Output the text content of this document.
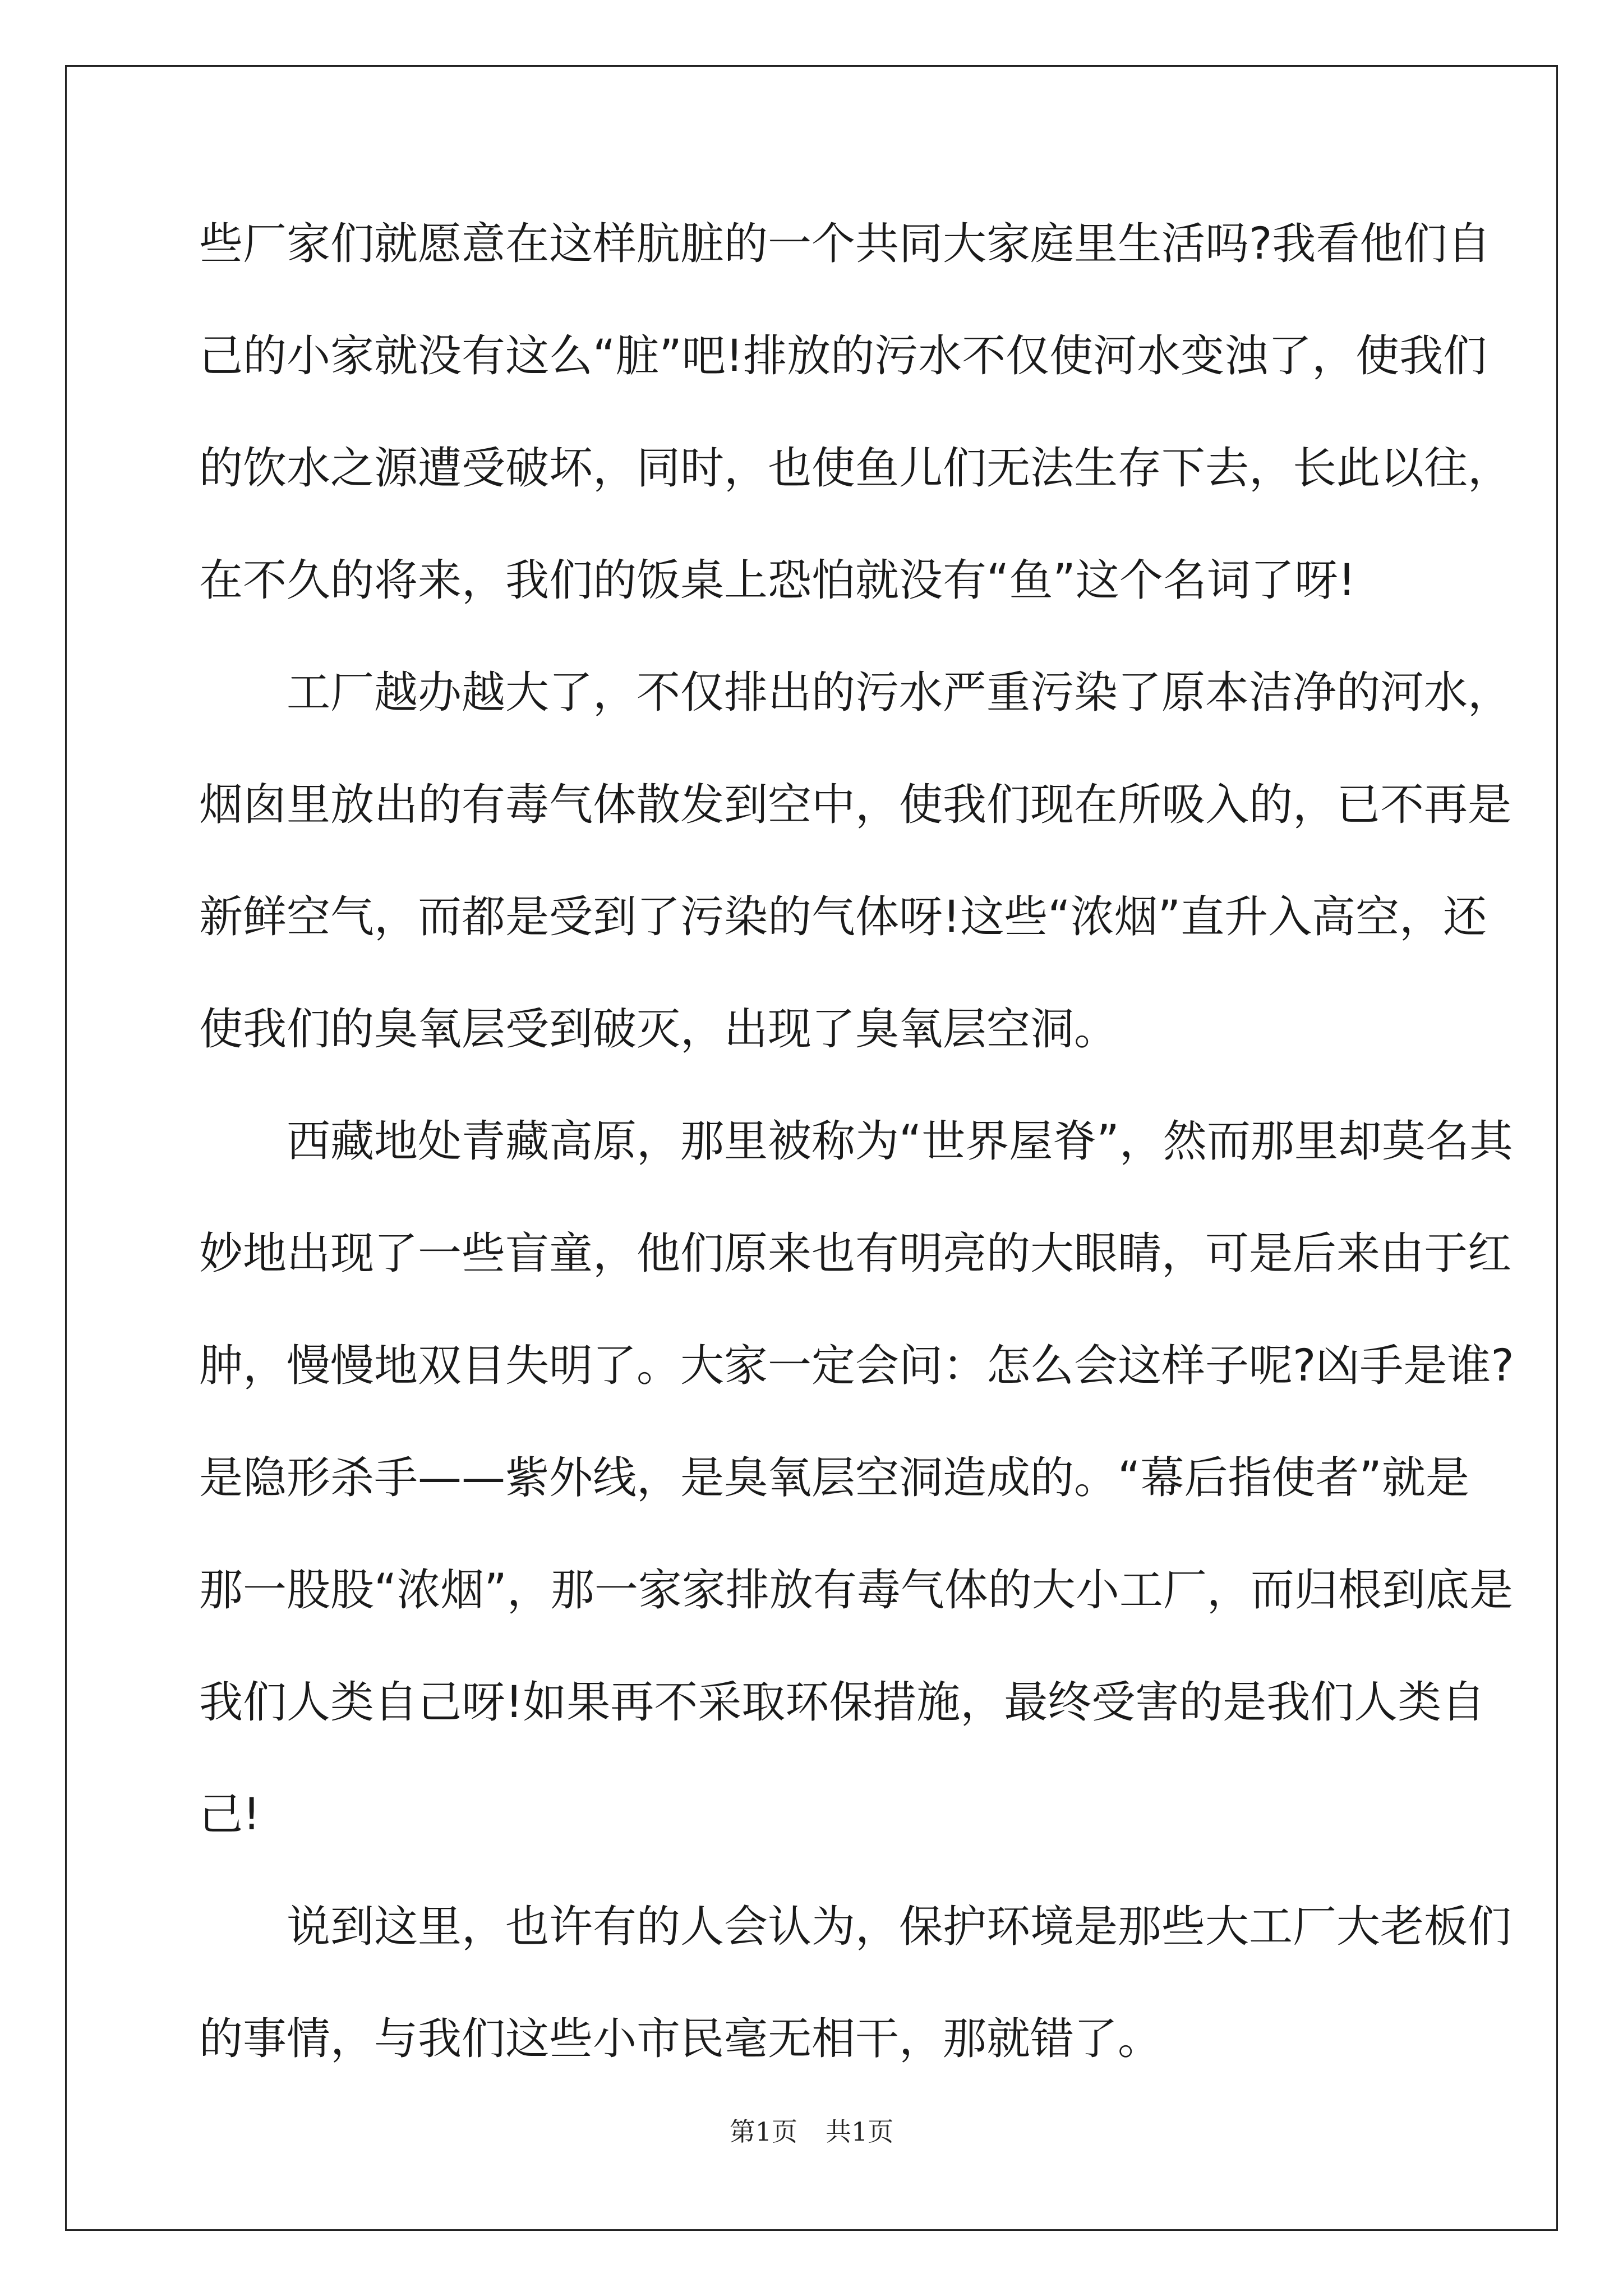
些厂家们就愿意在这样肮脏的一个共同大家庭里生活吗?我看他们自
己的小家就没有这么“脏”吧!排放的污水不仅使河水变浊了，使我们
的饮水之源遭受破坏，同时，也使鱼儿们无法生存下去，长此以往，
在不久的将来，我们的饭桌上恐怕就没有“鱼”这个名词了呀!
工厂越办越大了，不仅排出的污水严重污染了原本洁净的河水，
烟囱里放出的有毒气体散发到空中，使我们现在所吸入的，已不再是
新鲜空气，而都是受到了污染的气体呀!这些“浓烟”直升入高空，还
使我们的臭氧层受到破灭，出现了臭氧层空洞。
西藏地处青藏高原，那里被称为“世界屋脊”，然而那里却莫名其
妙地出现了一些盲童，他们原来也有明亮的大眼睛，可是后来由于红
肿，慢慢地双目失明了。大家一定会问：怎么会这样子呢?凶手是谁?
是隐形杀手——紫外线，是臭氧层空洞造成的。“幕后指使者”就是
那一股股“浓烟”，那一家家排放有毒气体的大小工厂，而归根到底是
我们人类自己呀!如果再不采取环保措施，最终受害的是我们人类自
己!
说到这里，也许有的人会认为，保护环境是那些大工厂大老板们
的事情，与我们这些小市民毫无相干，那就错了。
第1页 共1页
